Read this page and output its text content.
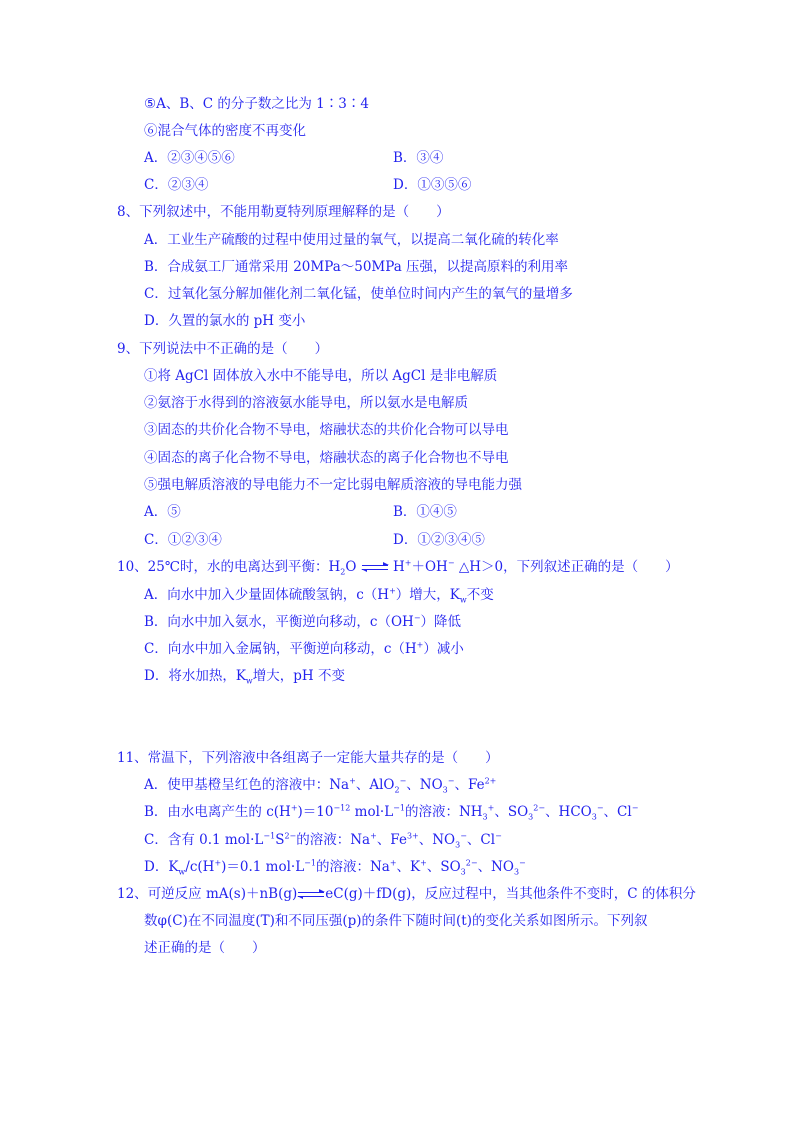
⑤A、B、C 的分子数之比为 1∶3∶4
⑥混合气体的密度不再变化
A．②③④⑤⑥	B．③④
C．②③④	D．①③⑤⑥
8、下列叙述中，不能用勒夏特列原理解释的是（　　）
A．工业生产硫酸的过程中使用过量的氧气，以提高二氧化硫的转化率
B．合成氨工厂通常采用 20MPa～50MPa 压强，以提高原料的利用率
C．过氧化氢分解加催化剂二氧化锰，使单位时间内产生的氧气的量增多
D．久置的氯水的 pH 变小
9、下列说法中不正确的是（　　）
①将 AgCl 固体放入水中不能导电，所以 AgCl 是非电解质
②氨溶于水得到的溶液氨水能导电，所以氨水是电解质
③固态的共价化合物不导电，熔融状态的共价化合物可以导电
④固态的离子化合物不导电，熔融状态的离子化合物也不导电
⑤强电解质溶液的导电能力不一定比弱电解质溶液的导电能力强
A．⑤	B．①④⑤
C．①②③④	D．①②③④⑤
10、25℃时，水的电离达到平衡：$H_2O$	H+＋OH− △H＞0，下列叙述正确的是（　　）
A．向水中加入少量固体硫酸氢钠，c（H+）增大，$K_w$不变
B．向水中加入氨水，平衡逆向移动，c（OH−）降低
C．向水中加入金属钠，平衡逆向移动，c（H+）减小
D．将水加热，$K_w$增大，pH 不变
11、常温下，下列溶液中各组离子一定能大量共存的是（　　）
A．使甲基橙呈红色的溶液中：Na+、AlO$_2$−、$NO_3^-$、$Fe^{2+}$
B．由水电离产生的 $c(H^+)=10^{-12}$ $mol\cdot L^{-1}$的溶液：$NH_3^+$、$SO_3^{2-}$、$HCO_3^-$、Cl−
C．含有 0.1 $mol\cdot L^{-1}S^{2-}$的溶液：Na+、$Fe^{3+}$、$NO_3^-$、Cl−
D．$K_w/c(H^+)=0.1$ $mol\cdot L^{-1}$的溶液：Na+、K+、$SO_3^{2-}$、$NO_3^-$
12、可逆反应 mA(s)＋nB(g) eC(g)＋fD(g)，反应过程中，当其他条件不变时，C 的体积分
数φ(C)在不同温度(T)和不同压强(p)的条件下随时间(t)的变化关系如图所示。下列叙
述正确的是（　　）
